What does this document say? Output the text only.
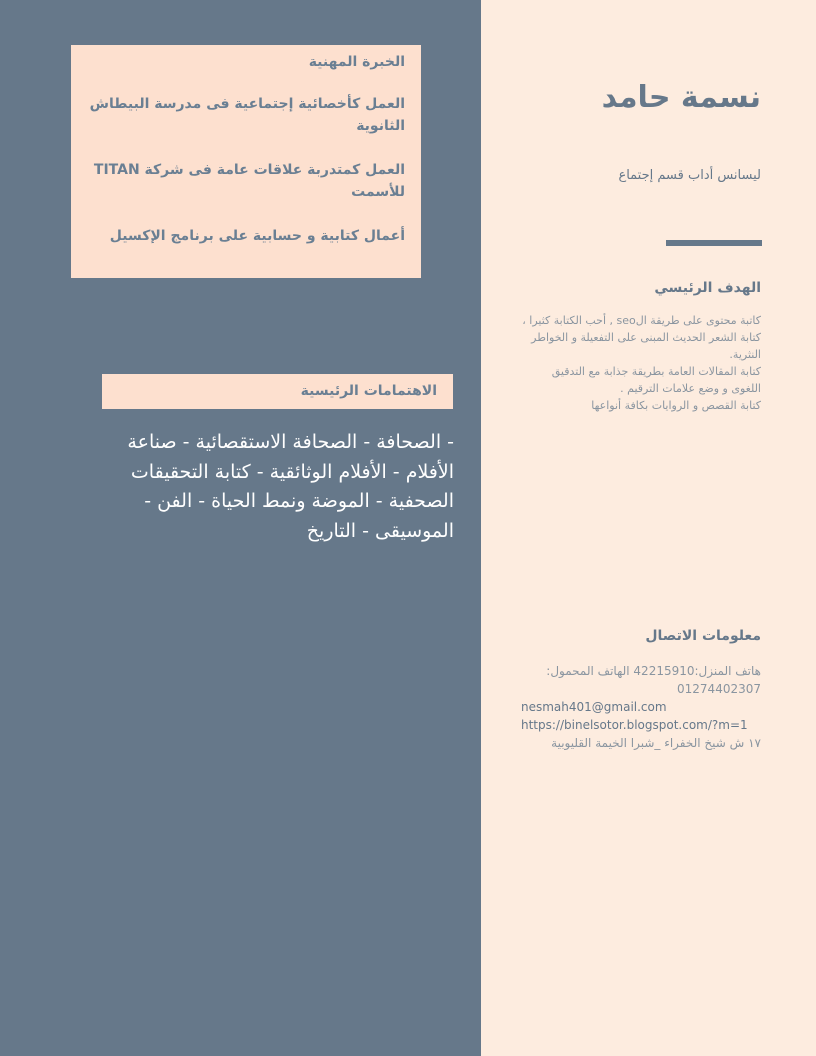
الخبرة المهنية
العمل كأخصائية إجتماعية فى مدرسة البيطاش الثانوية
العمل كمتدربة علاقات عامة فى شركة TITAN للأسمت
أعمال كتابية و حسابية على برنامج الإكسيل
الاهتمامات الرئيسية
- الصحافة - الصحافة الاستقصائية - صناعة الأفلام - الأفلام الوثائقية - كتابة التحقيقات الصحفية - الموضة ونمط الحياة - الفن - الموسيقى - التاريخ
نسمة حامد
ليسانس أداب قسم إجتماع
الهدف الرئيسي
كاتبة محتوى على طريقة الseo , أحب الكتابة كثيرا ، كتابة الشعر الحديث المبنى على التفعيلة و الخواطر النثرية.
كتابة المقالات العامة بطريقة جذابة مع التدقيق اللغوى و وضع علامات الترقيم .
كتابة القصص و الروايات بكافة أنواعها
معلومات الاتصال
هاتف المنزل:42215910 الهاتف المحمول: 01274402307
nesmah401@gmail.com
https://binelsotor.blogspot.com/?m=1
١٧ ش شيخ الخفراء _شبرا الخيمة القليوبية
